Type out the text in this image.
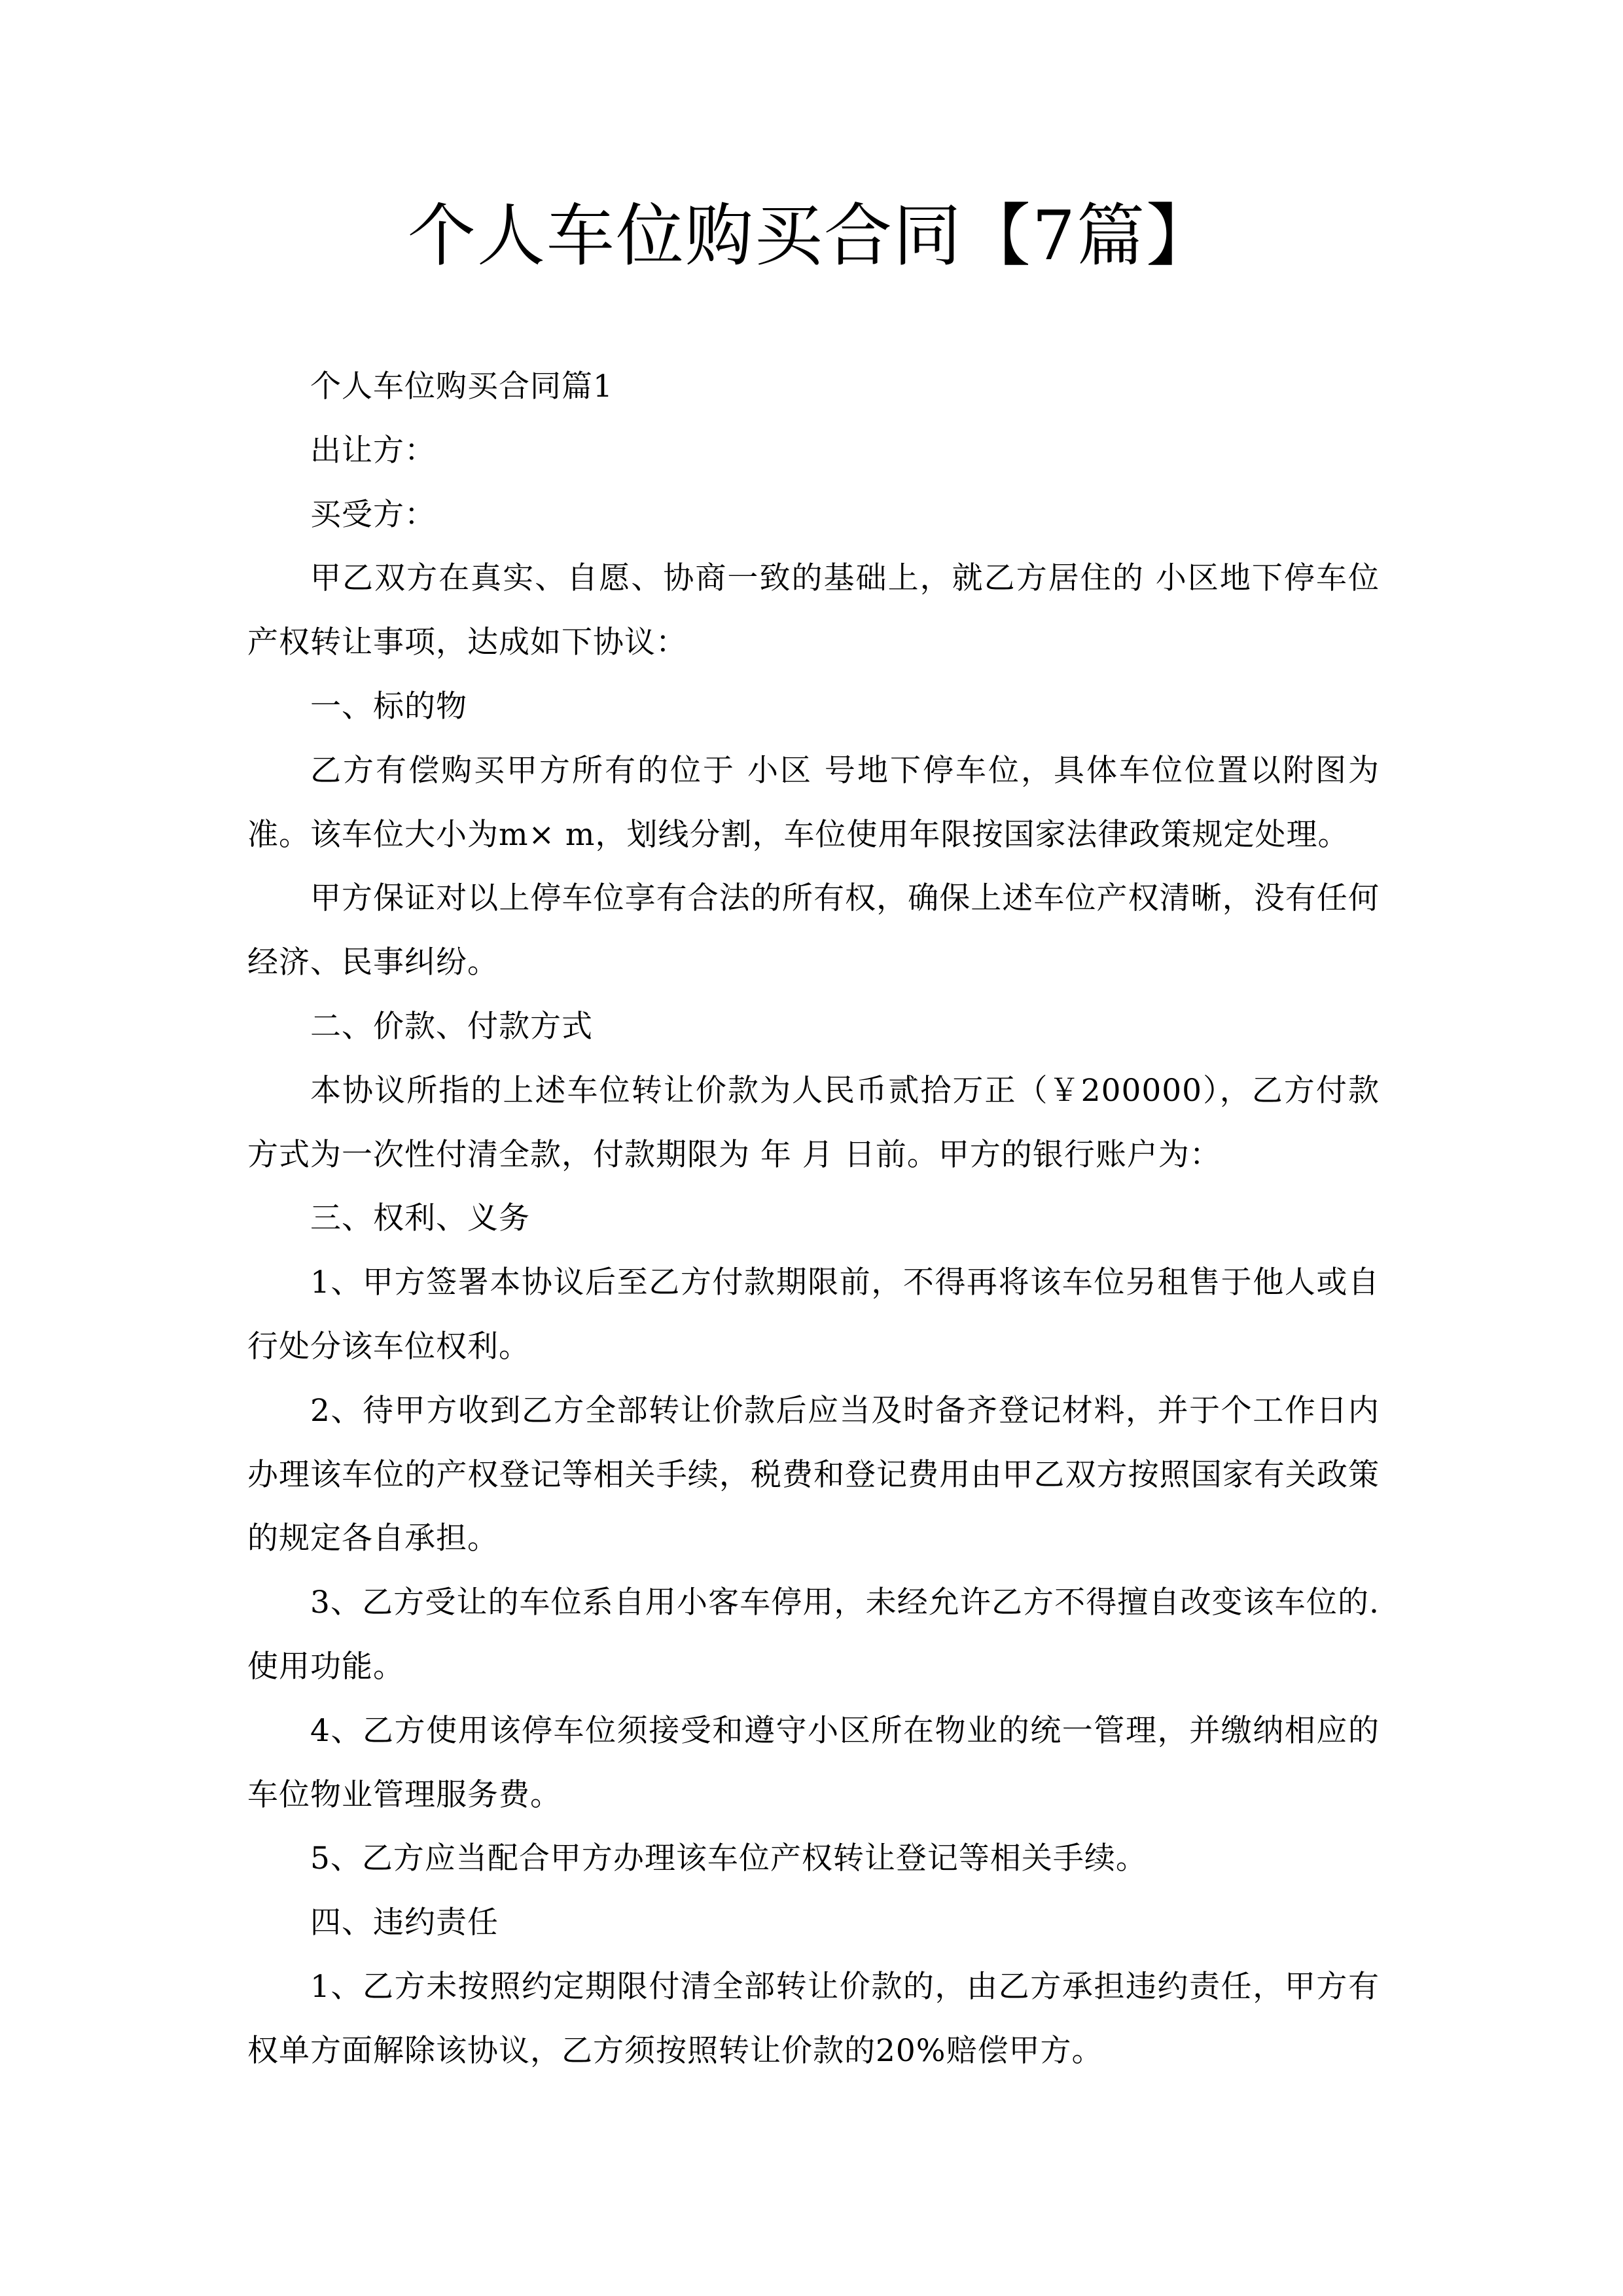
个人车位购买合同【7篇】

个人车位购买合同篇1

出让方：

买受方：

甲乙双方在真实、自愿、协商一致的基础上，就乙方居住的 小区地下停车位产权转让事项，达成如下协议：

一、标的物

乙方有偿购买甲方所有的位于 小区 号地下停车位，具体车位位置以附图为准。该车位大小为m× m，划线分割，车位使用年限按国家法律政策规定处理。

甲方保证对以上停车位享有合法的所有权，确保上述车位产权清晰，没有任何经济、民事纠纷。

二、价款、付款方式

本协议所指的上述车位转让价款为人民币贰拾万正（￥200000），乙方付款方式为一次性付清全款，付款期限为 年 月 日前。甲方的银行账户为：

三、权利、义务

1、甲方签署本协议后至乙方付款期限前，不得再将该车位另租售于他人或自行处分该车位权利。

2、待甲方收到乙方全部转让价款后应当及时备齐登记材料，并于个工作日内办理该车位的产权登记等相关手续，税费和登记费用由甲乙双方按照国家有关政策的规定各自承担。

3、乙方受让的车位系自用小客车停用，未经允许乙方不得擅自改变该车位的.使用功能。

4、乙方使用该停车位须接受和遵守小区所在物业的统一管理，并缴纳相应的车位物业管理服务费。

5、乙方应当配合甲方办理该车位产权转让登记等相关手续。

四、违约责任

1、乙方未按照约定期限付清全部转让价款的，由乙方承担违约责任，甲方有权单方面解除该协议，乙方须按照转让价款的20%赔偿甲方。
